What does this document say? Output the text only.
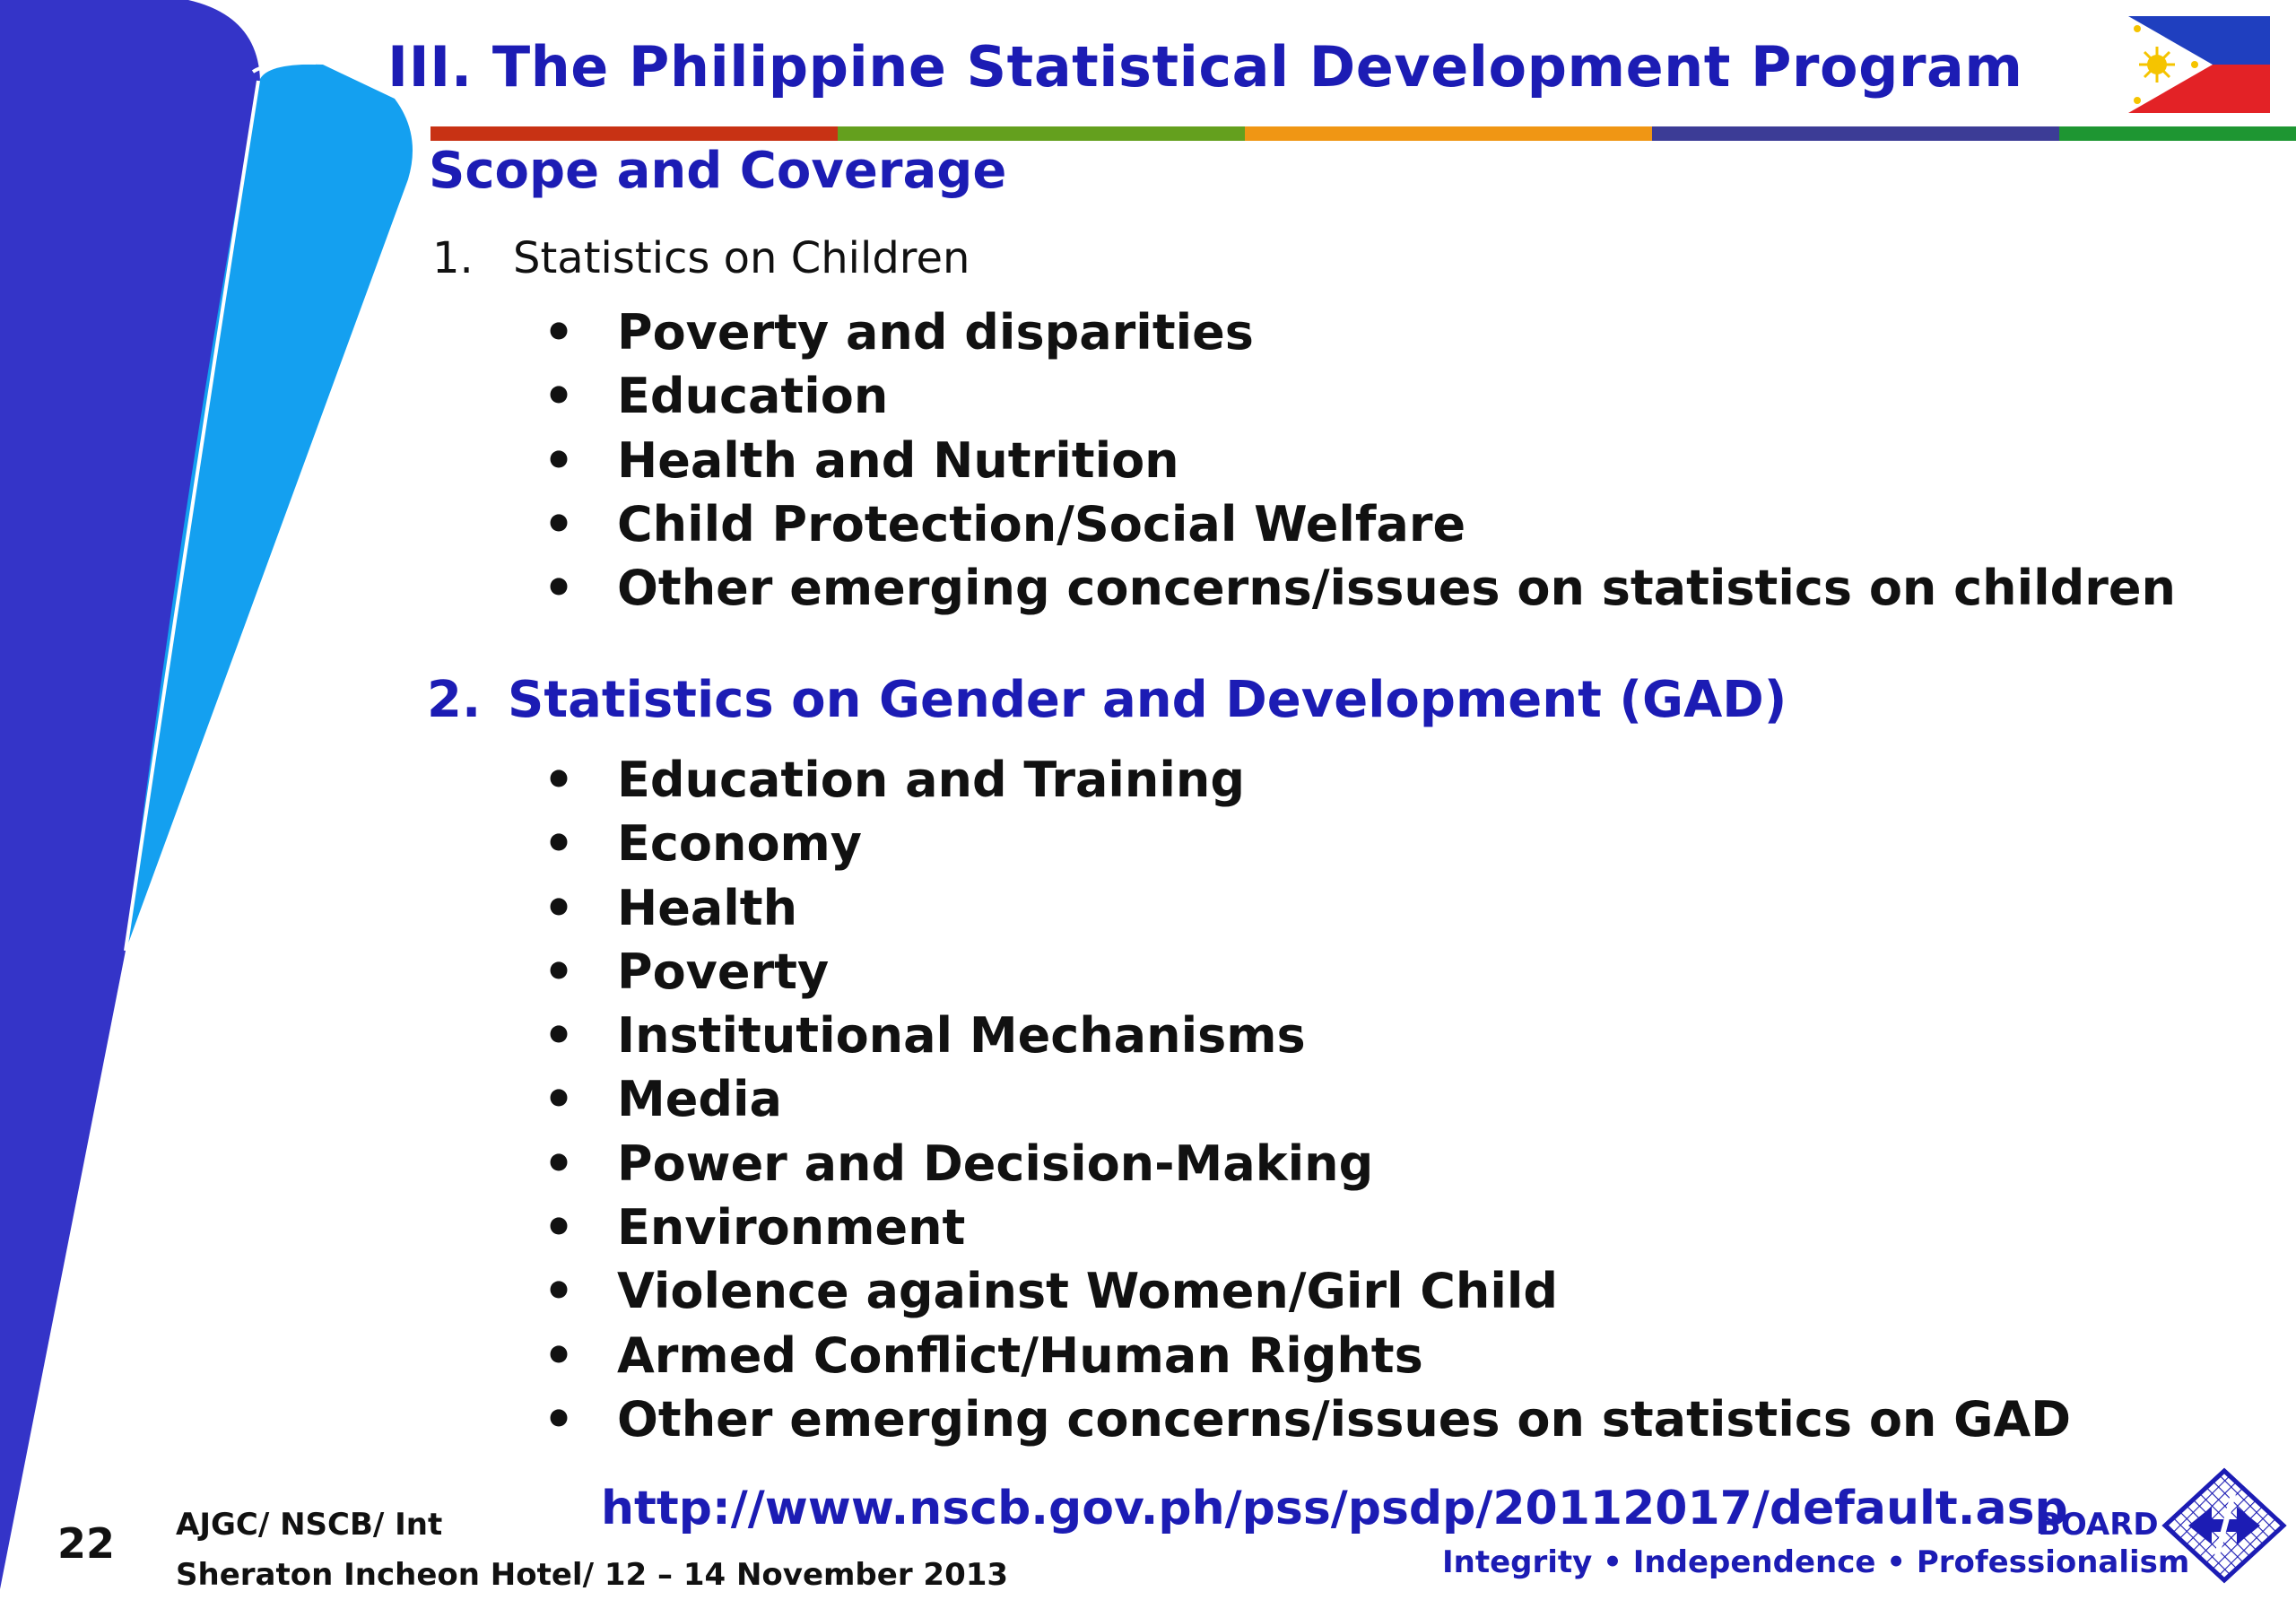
III. The Philippine Statistical Development Program
Scope and Coverage
1. Statistics on Children
• Poverty and disparities
• Education
• Health and Nutrition
• Child Protection/Social Welfare
• Other emerging concerns/issues on statistics on children
2. Statistics on Gender and Development (GAD)
• Education and Training
• Economy
• Health
• Poverty
• Institutional Mechanisms
• Media
• Power and Decision-Making
• Environment
• Violence against Women/Girl Child
• Armed Conflict/Human Rights
• Other emerging concerns/issues on statistics on GAD
22 AJGC/ NSCB/ Int
Sheraton Incheon Hotel/ 12 – 14 November 2013
http://www.nscb.gov.ph/pss/psdp/20112017/default.asp
BOARD
Integrity • Independence • Professionalism
